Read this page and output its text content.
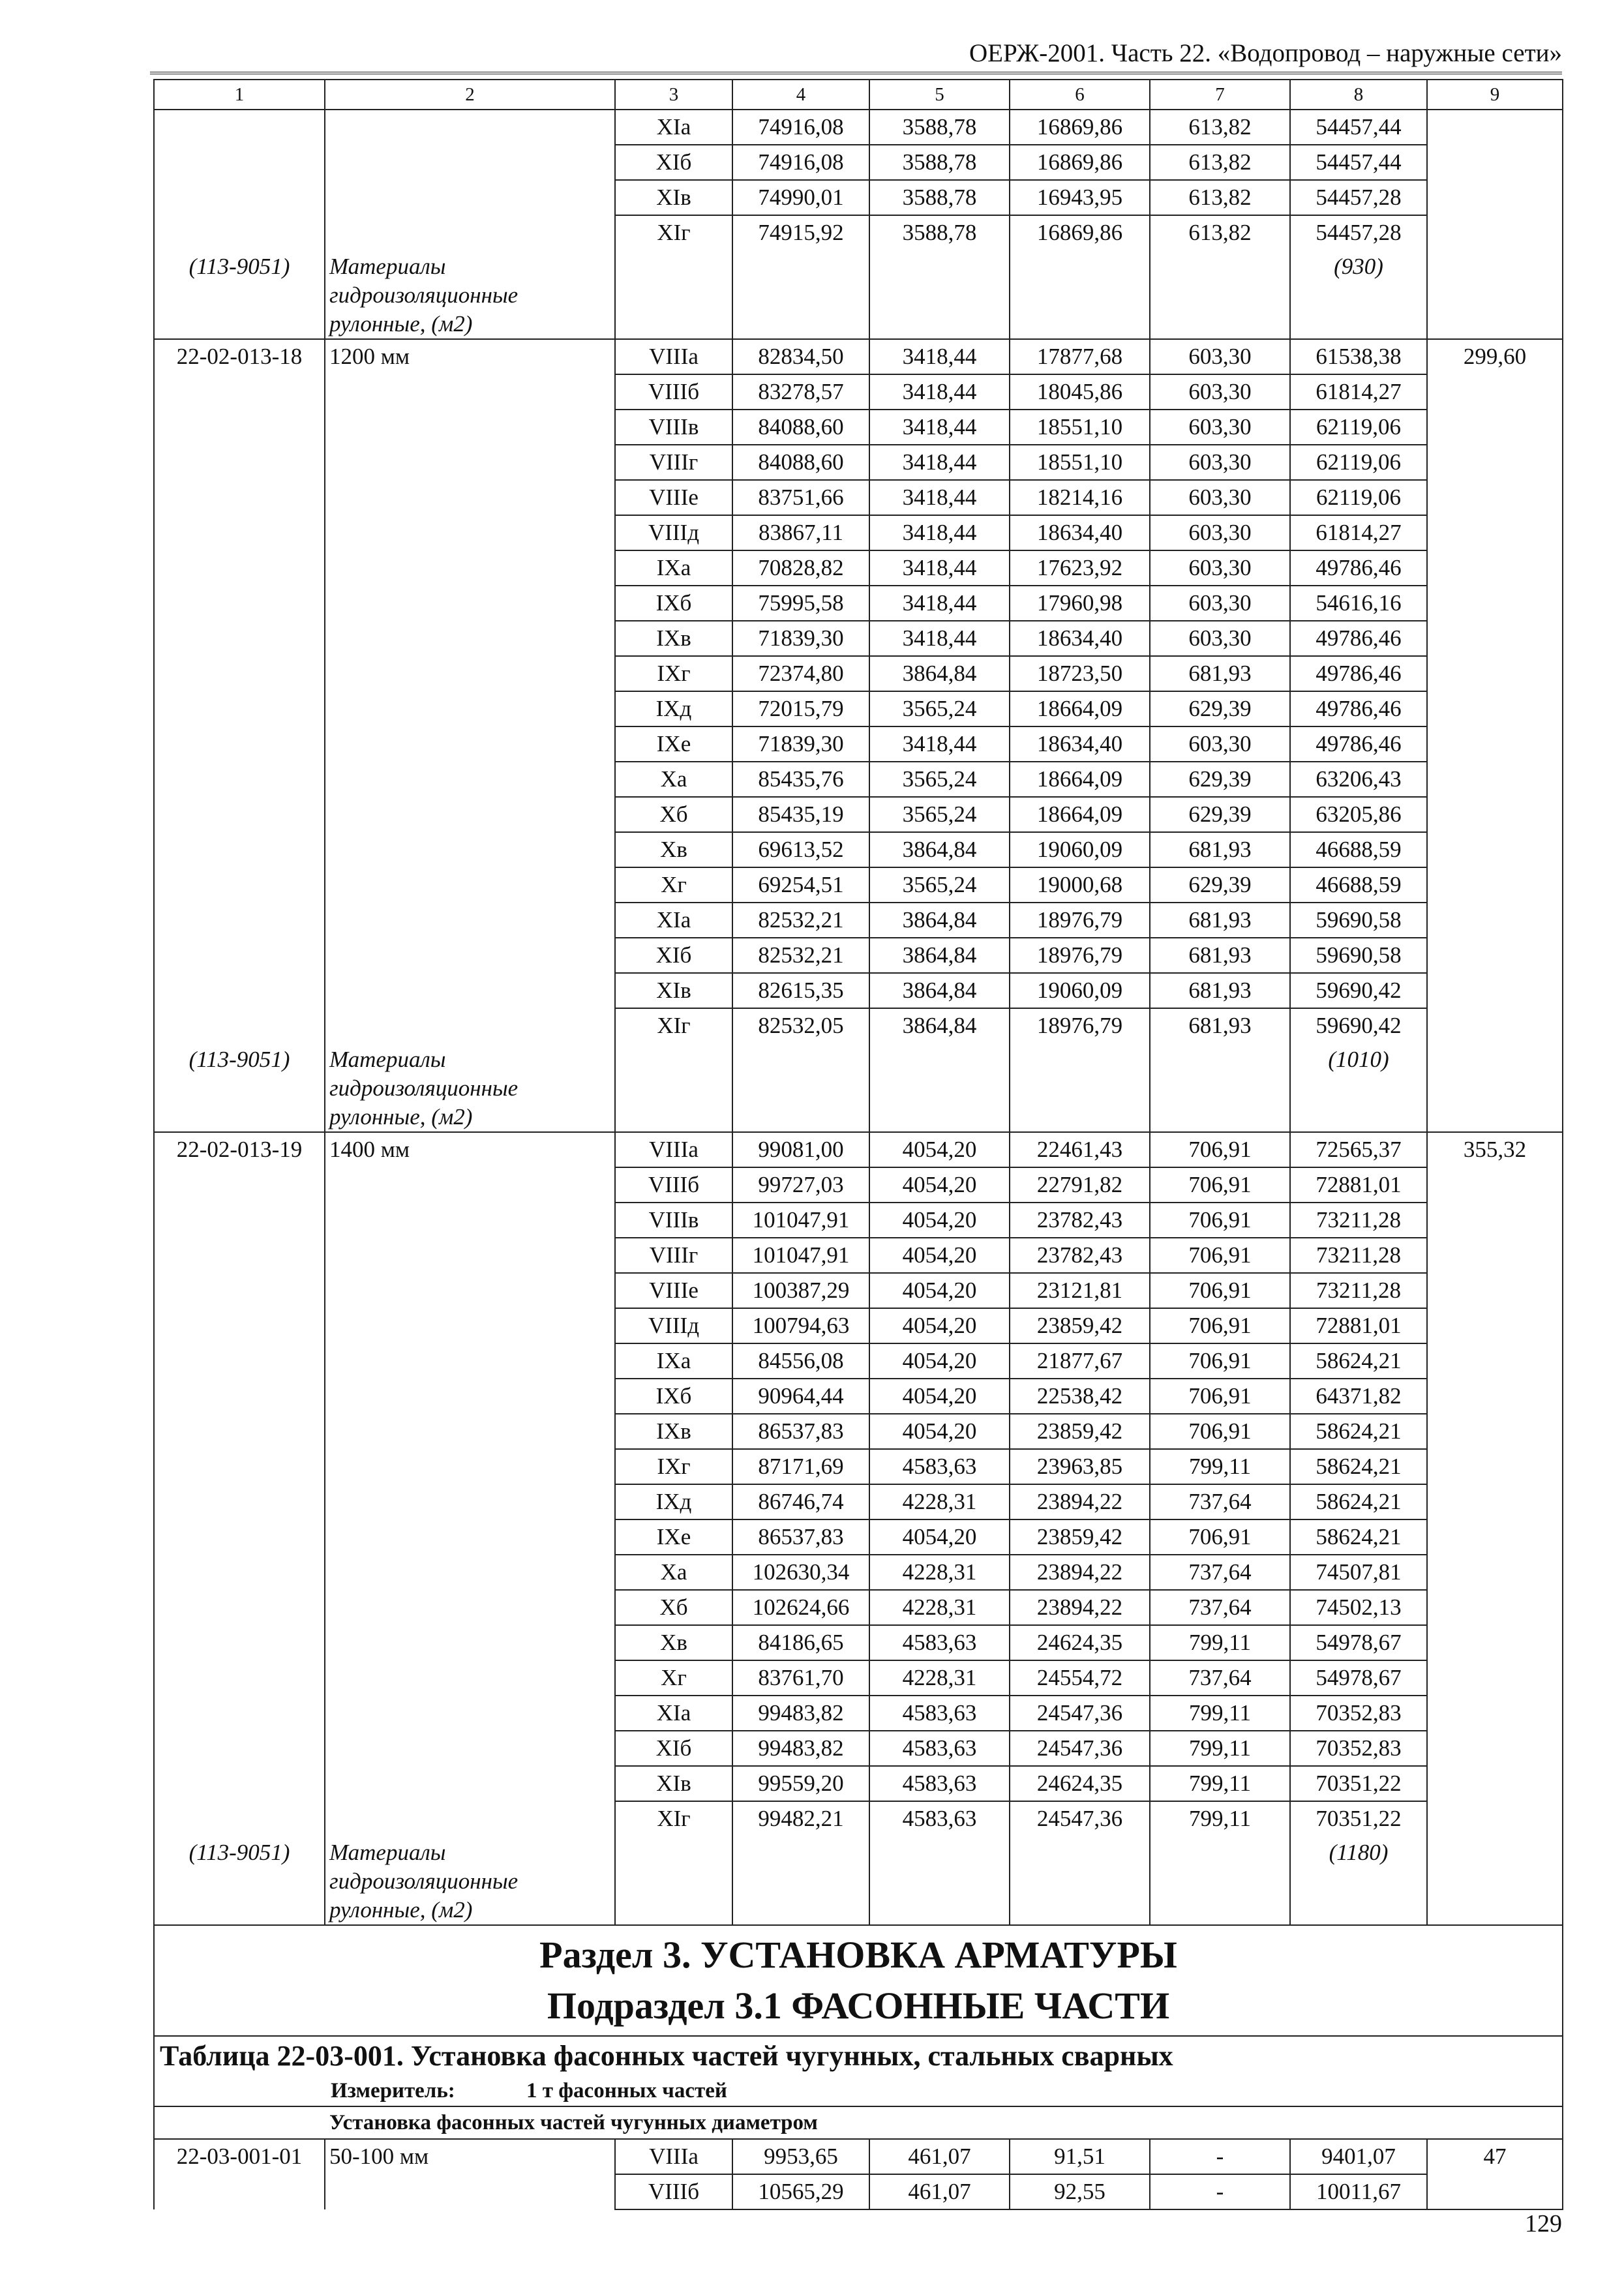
ОЕРЖ-2001. Часть 22. «Водопровод – наружные сети»
1	2	3	4	5	6	7	8	9
		XIа	74916,08	3588,78	16869,86	613,82	54457,44	
		XIб	74916,08	3588,78	16869,86	613,82	54457,44	
		XIв	74990,01	3588,78	16943,95	613,82	54457,28	
		XIг	74915,92	3588,78	16869,86	613,82	54457,28	
(113-9051)	Материалы гидроизоляционные рулонные, (м2)						(930)	
22-02-013-18	1200 мм	VIIIа	82834,50	3418,44	17877,68	603,30	61538,38	299,60
		VIIIб	83278,57	3418,44	18045,86	603,30	61814,27	
		VIIIв	84088,60	3418,44	18551,10	603,30	62119,06	
		VIIIг	84088,60	3418,44	18551,10	603,30	62119,06	
		VIIIе	83751,66	3418,44	18214,16	603,30	62119,06	
		VIIIд	83867,11	3418,44	18634,40	603,30	61814,27	
		IXа	70828,82	3418,44	17623,92	603,30	49786,46	
		IXб	75995,58	3418,44	17960,98	603,30	54616,16	
		IXв	71839,30	3418,44	18634,40	603,30	49786,46	
		IXг	72374,80	3864,84	18723,50	681,93	49786,46	
		IXд	72015,79	3565,24	18664,09	629,39	49786,46	
		IXе	71839,30	3418,44	18634,40	603,30	49786,46	
		Xа	85435,76	3565,24	18664,09	629,39	63206,43	
		Xб	85435,19	3565,24	18664,09	629,39	63205,86	
		Xв	69613,52	3864,84	19060,09	681,93	46688,59	
		Xг	69254,51	3565,24	19000,68	629,39	46688,59	
		XIа	82532,21	3864,84	18976,79	681,93	59690,58	
		XIб	82532,21	3864,84	18976,79	681,93	59690,58	
		XIв	82615,35	3864,84	19060,09	681,93	59690,42	
		XIг	82532,05	3864,84	18976,79	681,93	59690,42	
(113-9051)	Материалы гидроизоляционные рулонные, (м2)						(1010)	
22-02-013-19	1400 мм	VIIIа	99081,00	4054,20	22461,43	706,91	72565,37	355,32
		VIIIб	99727,03	4054,20	22791,82	706,91	72881,01	
		VIIIв	101047,91	4054,20	23782,43	706,91	73211,28	
		VIIIг	101047,91	4054,20	23782,43	706,91	73211,28	
		VIIIе	100387,29	4054,20	23121,81	706,91	73211,28	
		VIIIд	100794,63	4054,20	23859,42	706,91	72881,01	
		IXа	84556,08	4054,20	21877,67	706,91	58624,21	
		IXб	90964,44	4054,20	22538,42	706,91	64371,82	
		IXв	86537,83	4054,20	23859,42	706,91	58624,21	
		IXг	87171,69	4583,63	23963,85	799,11	58624,21	
		IXд	86746,74	4228,31	23894,22	737,64	58624,21	
		IXе	86537,83	4054,20	23859,42	706,91	58624,21	
		Xа	102630,34	4228,31	23894,22	737,64	74507,81	
		Xб	102624,66	4228,31	23894,22	737,64	74502,13	
		Xв	84186,65	4583,63	24624,35	799,11	54978,67	
		Xг	83761,70	4228,31	24554,72	737,64	54978,67	
		XIа	99483,82	4583,63	24547,36	799,11	70352,83	
		XIб	99483,82	4583,63	24547,36	799,11	70352,83	
		XIв	99559,20	4583,63	24624,35	799,11	70351,22	
		XIг	99482,21	4583,63	24547,36	799,11	70351,22	
(113-9051)	Материалы гидроизоляционные рулонные, (м2)						(1180)	

Раздел 3. УСТАНОВКА АРМАТУРЫ
Подраздел 3.1 ФАСОННЫЕ ЧАСТИ								

Таблица 22-03-001. Установка фасонных частей чугунных, стальных сварных
Измеритель: 1 т фасонных частей								

Установка фасонных частей чугунных диаметром								
22-03-001-01	50-100 мм	VIIIа	9953,65	461,07	91,51	-	9401,07	47
		VIIIб	10565,29	461,07	92,55	-	10011,67	
129
